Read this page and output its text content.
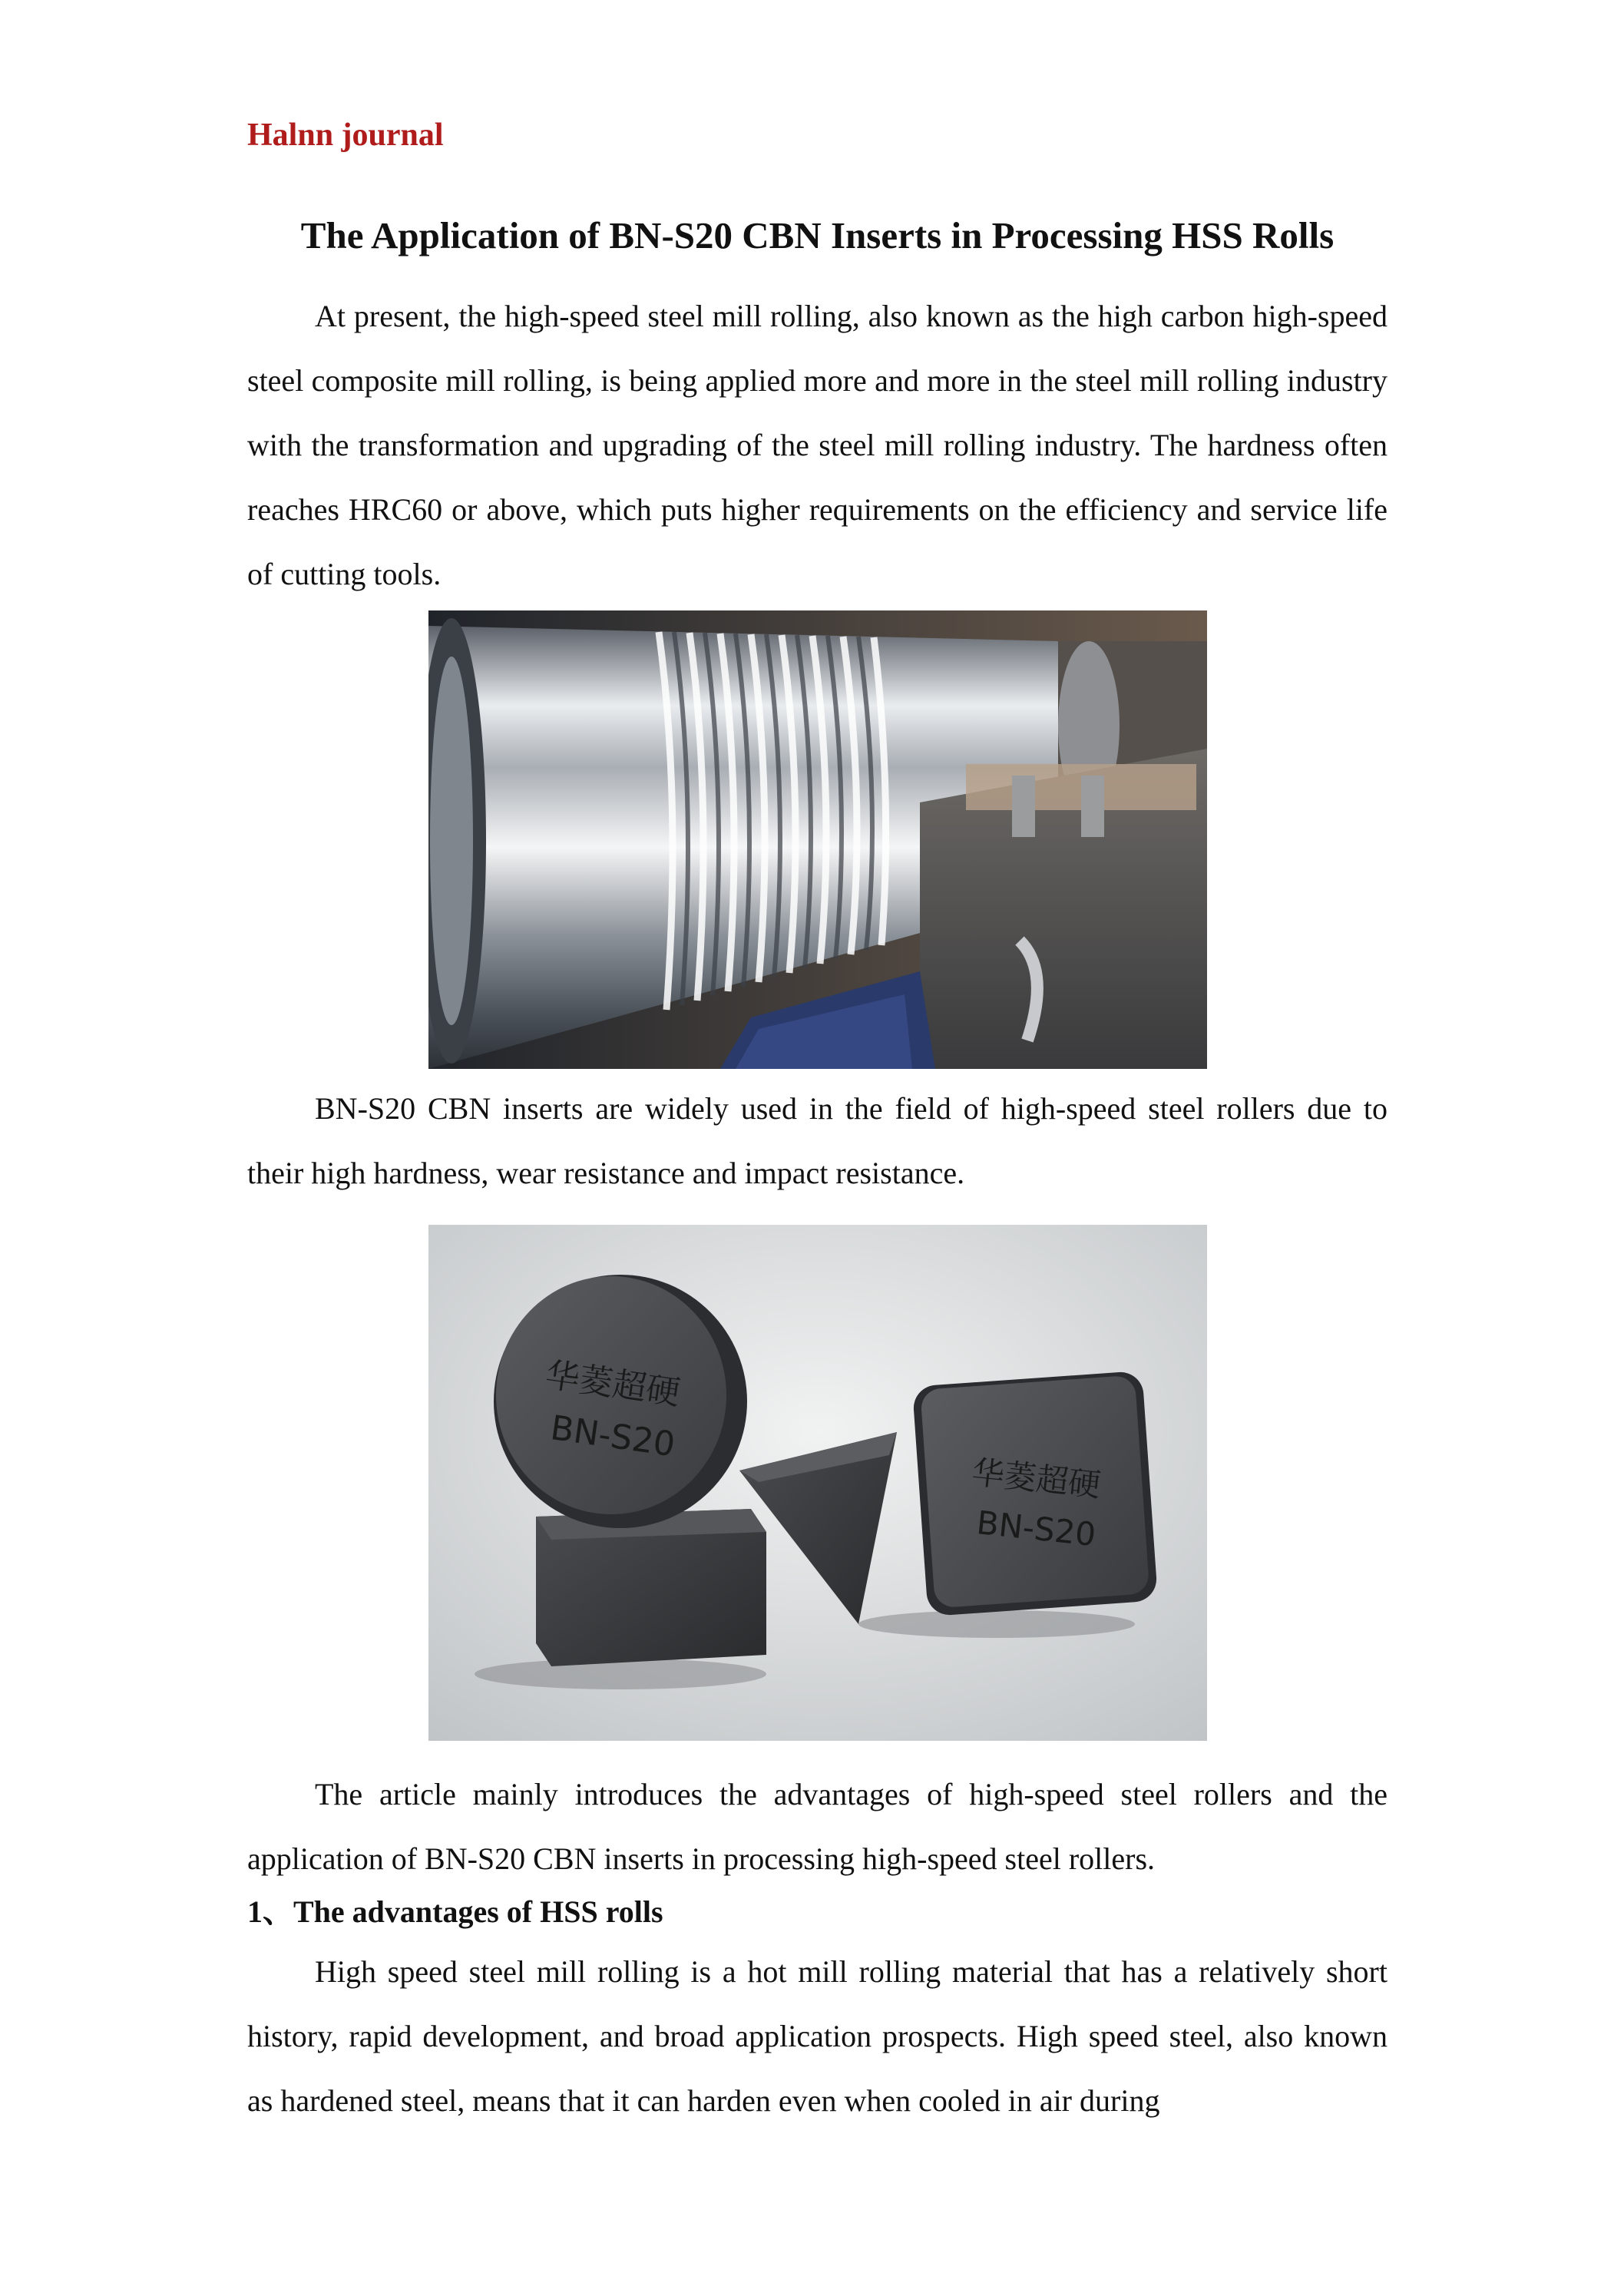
Halnn journal
The Application of BN-S20 CBN Inserts in Processing HSS Rolls

At present, the high-speed steel mill rolling, also known as the high carbon high-speed steel composite mill rolling, is being applied more and more in the steel mill rolling industry with the transformation and upgrading of the steel mill rolling industry. The hardness often reaches HRC60 or above, which puts higher requirements on the efficiency and service life of cutting tools.

BN-S20 CBN inserts are widely used in the field of high-speed steel rollers due to their high hardness, wear resistance and impact resistance.

华菱超硬
BN-S20
华菱超硬
BN-S20

The article mainly introduces the advantages of high-speed steel rollers and the application of BN-S20 CBN inserts in processing high-speed steel rollers.

1、The advantages of HSS rolls

High speed steel mill rolling is a hot mill rolling material that has a relatively short history, rapid development, and broad application prospects. High speed steel, also known as hardened steel, means that it can harden even when cooled in air during
